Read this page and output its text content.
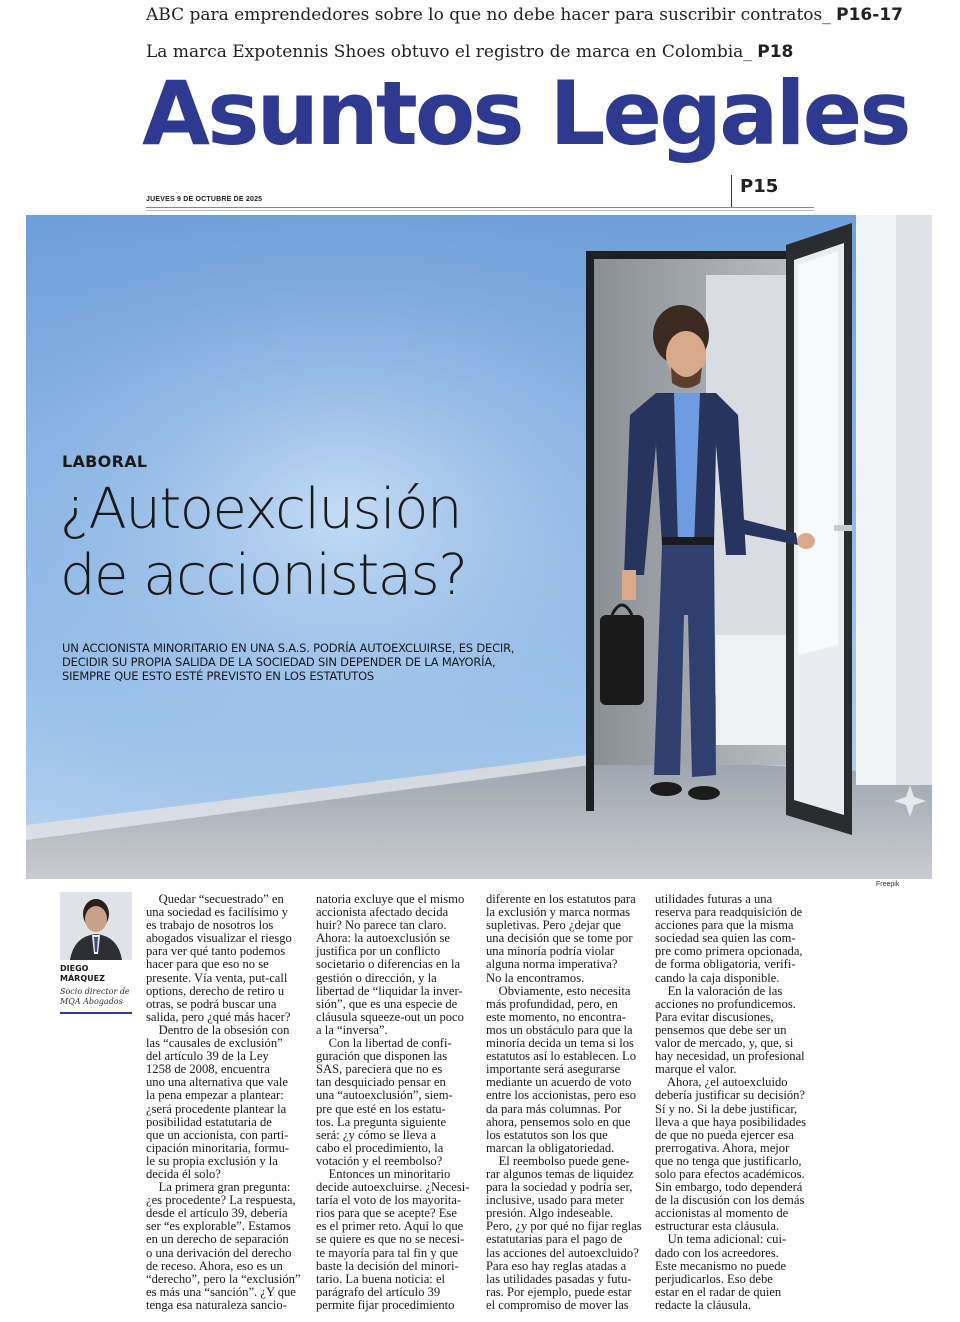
ABC para emprendedores sobre lo que no debe hacer para suscribir contratos_ P16-17
La marca Expotennis Shoes obtuvo el registro de marca en Colombia_ P18
Asuntos Legales
JUEVES 9 DE OCTUBRE DE 2025
P15
LABORAL
¿Autoexclusión
de accionistas?
UN ACCIONISTA MINORITARIO EN UNA S.A.S. PODRÍA AUTOEXCLUIRSE, ES DECIR,
DECIDIR SU PROPIA SALIDA DE LA SOCIEDAD SIN DEPENDER DE LA MAYORÍA,
SIEMPRE QUE ESTO ESTÉ PREVISTO EN LOS ESTATUTOS
Freepik
DIEGO
MÁRQUEZ
Socio director de
MQA Abogados
Quedar “secuestrado” en
una sociedad es facilísimo y
es trabajo de nosotros los
abogados visualizar el riesgo
para ver qué tanto podemos
hacer para que eso no se
presente. Vía venta, put-call
options, derecho de retiro u
otras, se podrá buscar una
salida, pero ¿qué más hacer?
Dentro de la obsesión con
las “causales de exclusión”
del artículo 39 de la Ley
1258 de 2008, encuentra
uno una alternativa que vale
la pena empezar a plantear:
¿será procedente plantear la
posibilidad estatutaria de
que un accionista, con parti-
cipación minoritaria, formu-
le su propia exclusión y la
decida él solo?
La primera gran pregunta:
¿es procedente? La respuesta,
desde el artículo 39, debería
ser “es explorable”. Estamos
en un derecho de separación
o una derivación del derecho
de receso. Ahora, eso es un
“derecho”, pero la “exclusión”
es más una “sanción”. ¿Y que
tenga esa naturaleza sancio-
natoria excluye que el mismo
accionista afectado decida
huir? No parece tan claro.
Ahora: la autoexclusión se
justifica por un conflicto
societario o diferencias en la
gestión o dirección, y la
libertad de “liquidar la inver-
sión”, que es una especie de
cláusula squeeze-out un poco
a la “inversa”.
Con la libertad de confi-
guración que disponen las
SAS, pareciera que no es
tan desquiciado pensar en
una “autoexclusión”, siem-
pre que esté en los estatu-
tos. La pregunta siguiente
será: ¿y cómo se lleva a
cabo el procedimiento, la
votación y el reembolso?
Entonces un minoritario
decide autoexcluirse. ¿Necesi-
taría el voto de los mayorita-
rios para que se acepte? Ese
es el primer reto. Aquí lo que
se quiere es que no se necesi-
te mayoría para tal fin y que
baste la decisión del minori-
tario. La buena noticia: el
parágrafo del artículo 39
permite fijar procedimiento
diferente en los estatutos para
la exclusión y marca normas
supletivas. Pero ¿dejar que
una decisión que se tome por
una minoría podría violar
alguna norma imperativa?
No la encontramos.
Obviamente, esto necesita
más profundidad, pero, en
este momento, no encontra-
mos un obstáculo para que la
minoría decida un tema si los
estatutos así lo establecen. Lo
importante será asegurarse
mediante un acuerdo de voto
entre los accionistas, pero eso
da para más columnas. Por
ahora, pensemos solo en que
los estatutos son los que
marcan la obligatoriedad.
El reembolso puede gene-
rar algunos temas de liquidez
para la sociedad y podría ser,
inclusive, usado para meter
presión. Algo indeseable.
Pero, ¿y por qué no fijar reglas
estatutarias para el pago de
las acciones del autoexcluido?
Para eso hay reglas atadas a
las utilidades pasadas y futu-
ras. Por ejemplo, puede estar
el compromiso de mover las
utilidades futuras a una
reserva para readquisición de
acciones para que la misma
sociedad sea quien las com-
pre como primera opcionada,
de forma obligatoria, verifi-
cando la caja disponible.
En la valoración de las
acciones no profundicemos.
Para evitar discusiones,
pensemos que debe ser un
valor de mercado, y, que, si
hay necesidad, un profesional
marque el valor.
Ahora, ¿el autoexcluido
debería justificar su decisión?
Sí y no. Si la debe justificar,
lleva a que haya posibilidades
de que no pueda ejercer esa
prerrogativa. Ahora, mejor
que no tenga que justificarlo,
solo para efectos académicos.
Sin embargo, todo dependerá
de la discusión con los demás
accionistas al momento de
estructurar esta cláusula.
Un tema adicional: cui-
dado con los acreedores.
Este mecanismo no puede
perjudicarlos. Eso debe
estar en el radar de quien
redacte la cláusula.
